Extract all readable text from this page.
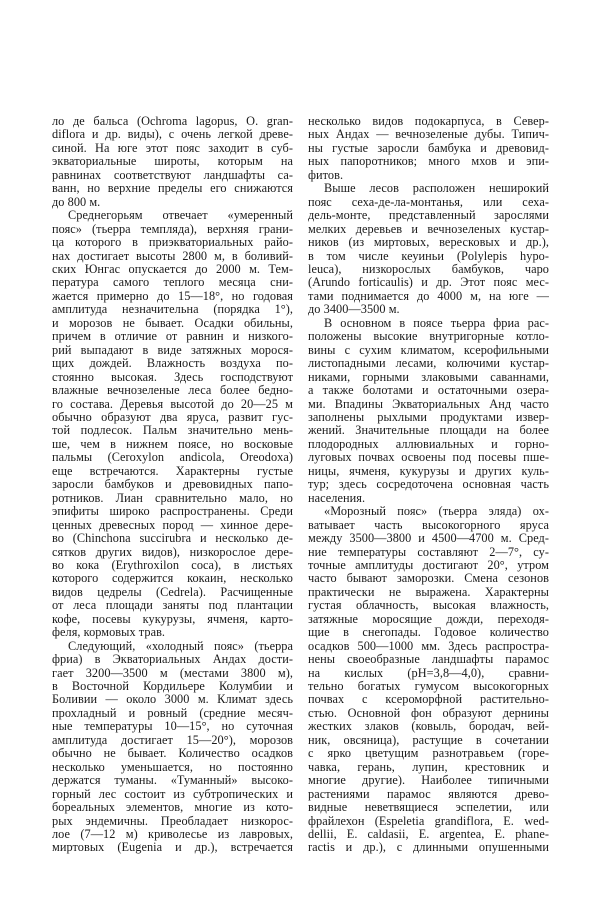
ло де бальса (Ochroma lagopus, O. gran-
diflora и др. виды), с очень легкой древе-
синой. На юге этот пояс заходит в суб-
экваториальные широты, которым на
равнинах соответствуют ландшафты са-
ванн, но верхние пределы его снижаются
до 800 м.
Среднегорьям отвечает «умеренный
пояс» (тьерра темпляда), верхняя грани-
ца которого в приэкваториальных райо-
нах достигает высоты 2800 м, в боливий-
ских Юнгас опускается до 2000 м. Тем-
пература самого теплого месяца сни-
жается примерно до 15—18°, но годовая
амплитуда незначительна (порядка 1°),
и морозов не бывает. Осадки обильны,
причем в отличие от равнин и низкого-
рий выпадают в виде затяжных морося-
щих дождей. Влажность воздуха по-
стоянно высокая. Здесь господствуют
влажные вечнозеленые леса более бедно-
го состава. Деревья высотой до 20—25 м
обычно образуют два яруса, развит гус-
той подлесок. Пальм значительно мень-
ше, чем в нижнем поясе, но восковые
пальмы (Ceroxylon andicola, Oreodoxa)
еще встречаются. Характерны густые
заросли бамбуков и древовидных папо-
ротников. Лиан сравнительно мало, но
эпифиты широко распространены. Среди
ценных древесных пород — хинное дере-
во (Chinchona succirubra и несколько де-
сятков других видов), низкорослое дере-
во кока (Erythroxilon coca), в листьях
которого содержится кокаин, несколько
видов цедрелы (Cedrela). Расчищенные
от леса площади заняты под плантации
кофе, посевы кукурузы, ячменя, карто-
феля, кормовых трав.
Следующий, «холодный пояс» (тьерра
фриа) в Экваториальных Андах дости-
гает 3200—3500 м (местами 3800 м),
в Восточной Кордильере Колумбии и
Боливии — около 3000 м. Климат здесь
прохладный и ровный (средние месяч-
ные температуры 10—15°, но суточная
амплитуда достигает 15—20°), морозов
обычно не бывает. Количество осадков
несколько уменьшается, но постоянно
держатся туманы. «Туманный» высоко-
горный лес состоит из субтропических и
бореальных элементов, многие из кото-
рых эндемичны. Преобладает низкорос-
лое (7—12 м) криволесье из лавровых,
миртовых (Eugenia и др.), встречается
несколько видов подокарпуса, в Север-
ных Андах — вечнозеленые дубы. Типич-
ны густые заросли бамбука и древовид-
ных папоротников; много мхов и эпи-
фитов.
Выше лесов расположен неширокий
пояс сеха-де-ла-монтанья, или сеха-
дель-монте, представленный зарослями
мелких деревьев и вечнозеленых кустар-
ников (из миртовых, вересковых и др.),
в том числе кеуиньи (Polylepis hypo-
leuca), низкорослых бамбуков, чаро
(Arundo forticaulis) и др. Этот пояс мес-
тами поднимается до 4000 м, на юге —
до 3400—3500 м.
В основном в поясе тьерра фриа рас-
положены высокие внутригорные котло-
вины с сухим климатом, ксерофильными
листопадными лесами, колючими кустар-
никами, горными злаковыми саваннами,
а также болотами и остаточными озера-
ми. Впадины Экваториальных Анд часто
заполнены рыхлыми продуктами извер-
жений. Значительные площади на более
плодородных аллювиальных и горно-
луговых почвах освоены под посевы пше-
ницы, ячменя, кукурузы и других куль-
тур; здесь сосредоточена основная часть
населения.
«Морозный пояс» (тьерра эляда) ох-
ватывает часть высокогорного яруса
между 3500—3800 и 4500—4700 м. Сред-
ние температуры составляют 2—7°, су-
точные амплитуды достигают 20°, утром
часто бывают заморозки. Смена сезонов
практически не выражена. Характерны
густая облачность, высокая влажность,
затяжные моросящие дожди, переходя-
щие в снегопады. Годовое количество
осадков 500—1000 мм. Здесь распростра-
нены своеобразные ландшафты парамос
на кислых (pH=3,8—4,0), сравни-
тельно богатых гумусом высокогорных
почвах с ксероморфной растительно-
стью. Основной фон образуют дернины
жестких злаков (ковыль, бородач, вей-
ник, овсяница), растущие в сочетании
с ярко цветущим разнотравьем (горе-
чавка, герань, лупин, крестовник и
многие другие). Наиболее типичными
растениями парамос являются древо-
видные неветвящиеся эспелетии, или
фрайлехон (Espeletia grandiflora, E. wed-
dellii, E. caldasii, E. argentea, E. phane-
ractis и др.), с длинными опушенными
